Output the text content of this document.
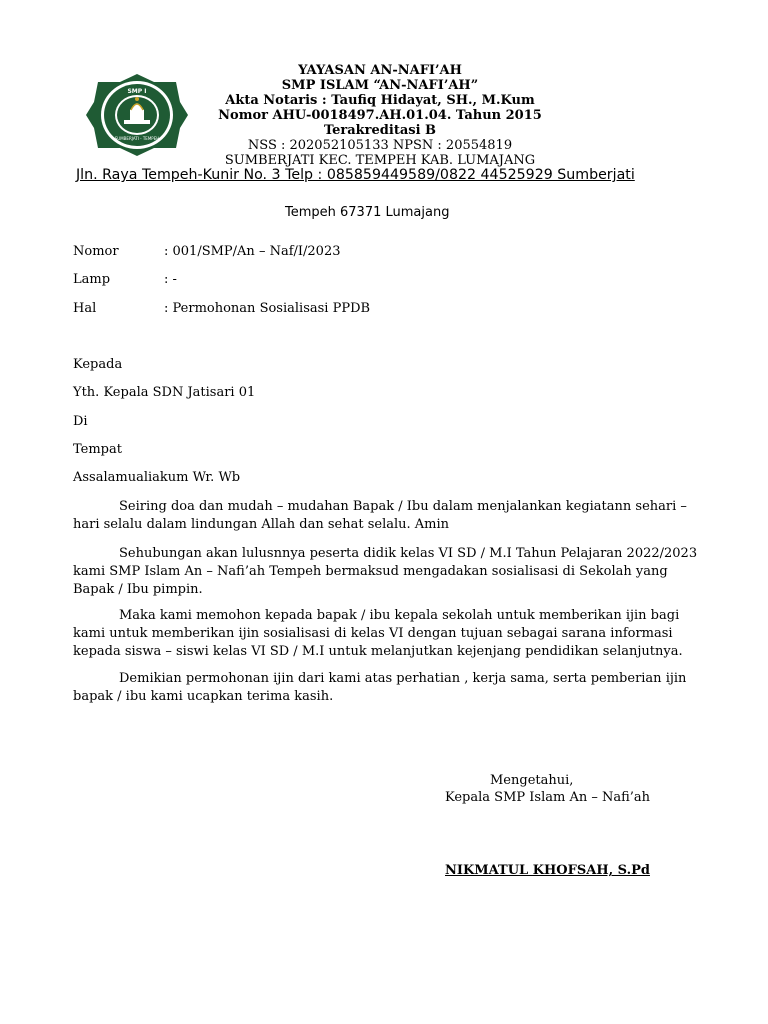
SMP I
SUMBERJATI - TEMPEH
YAYASAN AN-NAFI’AH
SMP ISLAM “AN-NAFI’AH”
Akta Notaris : Taufiq Hidayat, SH., M.Kum
Nomor AHU-0018497.AH.01.04. Tahun 2015
Terakreditasi B
NSS : 202052105133 NPSN : 20554819
SUMBERJATI KEC. TEMPEH KAB. LUMAJANG
Jln. Raya Tempeh-Kunir No. 3 Telp : 085859449589/0822 44525929 Sumberjati
Tempeh 67371 Lumajang
Nomor	: 001/SMP/An – Naf/I/2023
Lamp	: -
Hal	: Permohonan Sosialisasi PPDB
Kepada
Yth. Kepala SDN Jatisari 01
Di
Tempat
Assalamualiakum Wr. Wb

Seiring doa dan mudah – mudahan Bapak / Ibu dalam menjalankan kegiatann sehari – hari selalu dalam lindungan Allah dan sehat selalu. Amin

Sehubungan akan lulusnnya peserta didik kelas VI SD / M.I Tahun Pelajaran 2022/2023 kami SMP Islam An – Nafi’ah Tempeh bermaksud mengadakan sosialisasi di Sekolah yang Bapak / Ibu pimpin.

Maka kami memohon kepada bapak / ibu kepala sekolah untuk memberikan ijin bagi kami untuk memberikan ijin sosialisasi di kelas VI dengan tujuan sebagai sarana informasi kepada siswa – siswi kelas VI SD / M.I untuk melanjutkan kejenjang pendidikan selanjutnya.

Demikian permohonan ijin dari kami atas perhatian , kerja sama, serta pemberian ijin bapak / ibu kami ucapkan terima kasih.

Mengetahui,
Kepala SMP Islam An – Nafi’ah
NIKMATUL KHOFSAH, S.Pd
